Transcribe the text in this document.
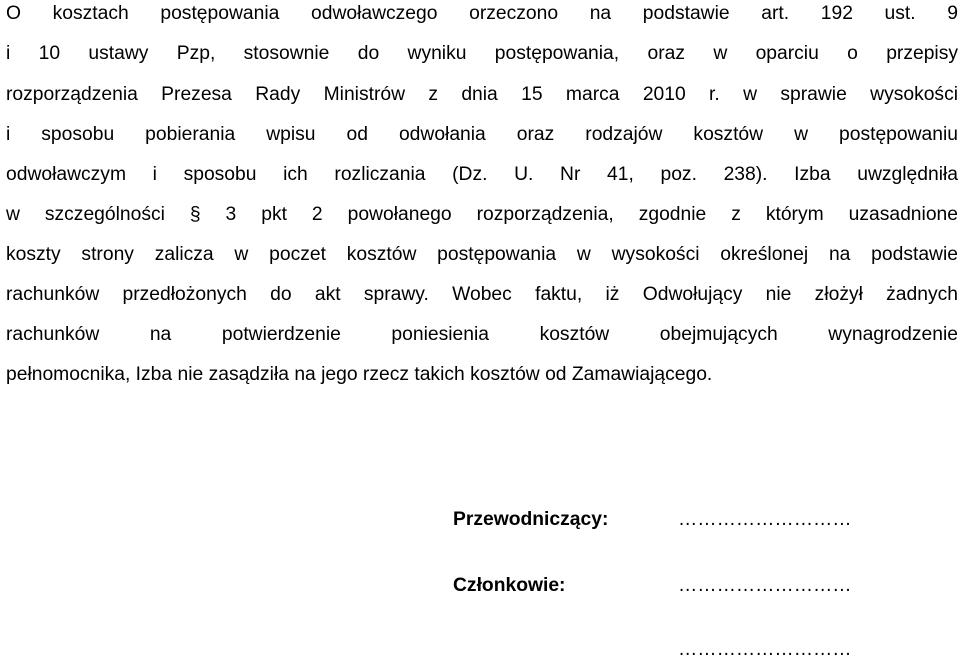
O kosztach postępowania odwoławczego orzeczono na podstawie art. 192 ust. 9
i 10 ustawy Pzp, stosownie do wyniku postępowania, oraz w oparciu o przepisy
rozporządzenia Prezesa Rady Ministrów z dnia 15 marca 2010 r. w sprawie wysokości
i sposobu pobierania wpisu od odwołania oraz rodzajów kosztów w postępowaniu
odwoławczym i sposobu ich rozliczania (Dz. U. Nr 41, poz. 238). Izba uwzględniła
w szczególności § 3 pkt 2 powołanego rozporządzenia, zgodnie z którym uzasadnione
koszty strony zalicza w poczet kosztów postępowania w wysokości określonej na podstawie
rachunków przedłożonych do akt sprawy. Wobec faktu, iż Odwołujący nie złożył żadnych
rachunków na potwierdzenie poniesienia kosztów obejmujących wynagrodzenie
pełnomocnika, Izba nie zasądziła na jego rzecz takich kosztów od Zamawiającego.
Przewodniczący:	………………………
Członkowie:	………………………
………………………
